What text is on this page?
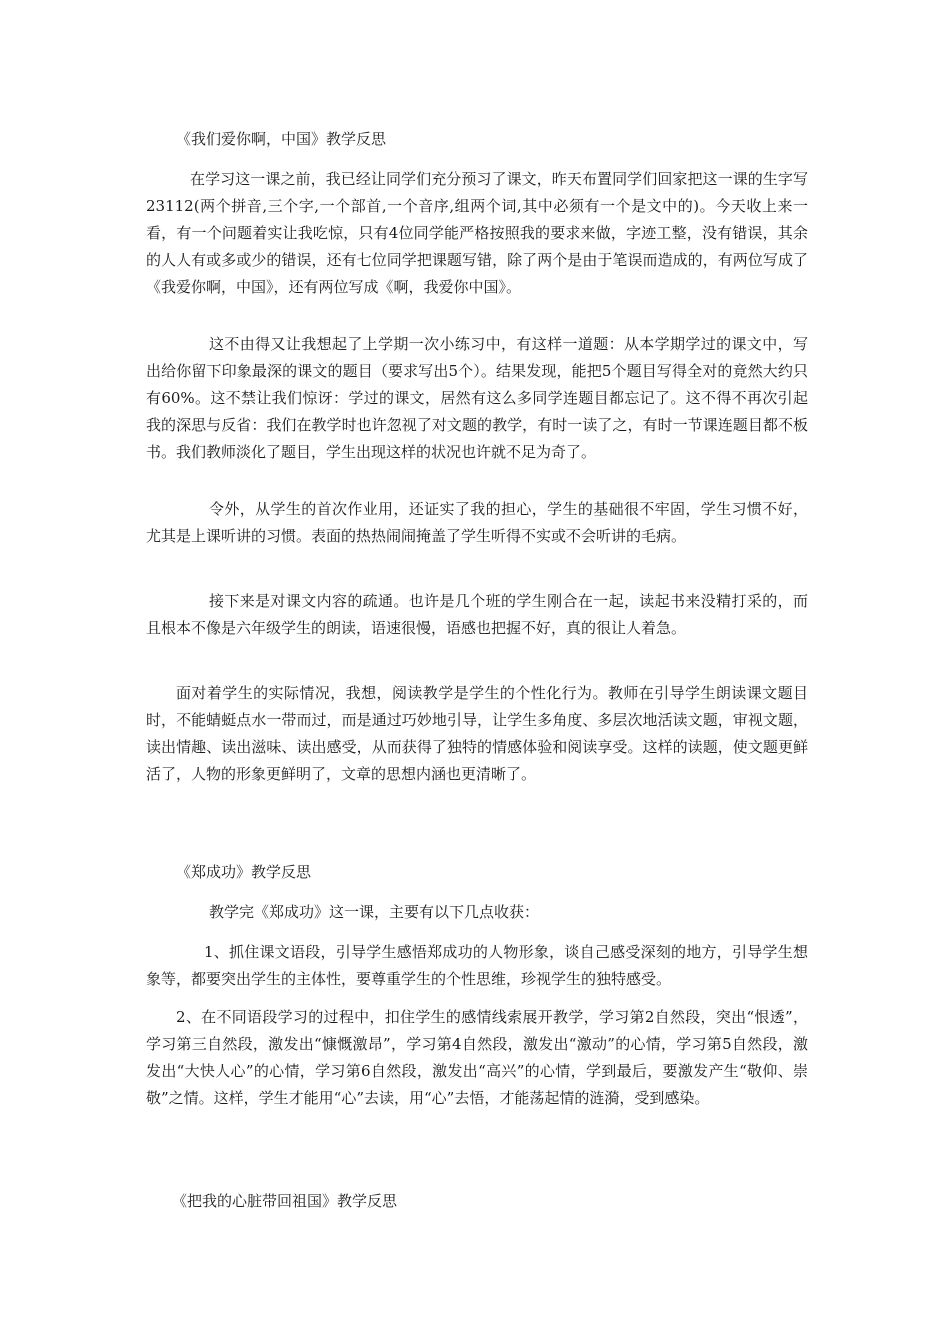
《我们爱你啊，中国》教学反思

在学习这一课之前，我已经让同学们充分预习了课文，昨天布置同学们回家把这一课的生字写23112(两个拼音,三个字,一个部首,一个音序,组两个词,其中必须有一个是文中的)。今天收上来一看，有一个问题着实让我吃惊，只有4位同学能严格按照我的要求来做，字迹工整，没有错误，其余的人人有或多或少的错误，还有七位同学把课题写错，除了两个是由于笔误而造成的，有两位写成了《我爱你啊，中国》，还有两位写成《啊，我爱你中国》。

这不由得又让我想起了上学期一次小练习中，有这样一道题：从本学期学过的课文中，写出给你留下印象最深的课文的题目（要求写出5个）。结果发现，能把5个题目写得全对的竟然大约只有60%。这不禁让我们惊讶：学过的课文，居然有这么多同学连题目都忘记了。这不得不再次引起我的深思与反省：我们在教学时也许忽视了对文题的教学，有时一读了之，有时一节课连题目都不板书。我们教师淡化了题目，学生出现这样的状况也许就不足为奇了。

令外，从学生的首次作业用，还证实了我的担心，学生的基础很不牢固，学生习惯不好，尤其是上课听讲的习惯。表面的热热闹闹掩盖了学生听得不实或不会听讲的毛病。

接下来是对课文内容的疏通。也许是几个班的学生刚合在一起，读起书来没精打采的，而且根本不像是六年级学生的朗读，语速很慢，语感也把握不好，真的很让人着急。

面对着学生的实际情况，我想，阅读教学是学生的个性化行为。教师在引导学生朗读课文题目时，不能蜻蜓点水一带而过，而是通过巧妙地引导，让学生多角度、多层次地活读文题，审视文题，读出情趣、读出滋味、读出感受，从而获得了独特的情感体验和阅读享受。这样的读题，使文题更鲜活了，人物的形象更鲜明了，文章的思想内涵也更清晰了。

《郑成功》教学反思

教学完《郑成功》这一课，主要有以下几点收获：

1、抓住课文语段，引导学生感悟郑成功的人物形象，谈自己感受深刻的地方，引导学生想象等，都要突出学生的主体性，要尊重学生的个性思维，珍视学生的独特感受。

2、在不同语段学习的过程中，扣住学生的感情线索展开教学，学习第2自然段，突出“恨透”，学习第三自然段，激发出“慷慨激昂”，学习第4自然段，激发出“激动”的心情，学习第5自然段，激发出“大快人心”的心情，学习第6自然段，激发出“高兴”的心情，学到最后，要激发产生“敬仰、崇敬”之情。这样，学生才能用“心”去读，用“心”去悟，才能荡起情的涟漪，受到感染。

《把我的心脏带回祖国》教学反思
